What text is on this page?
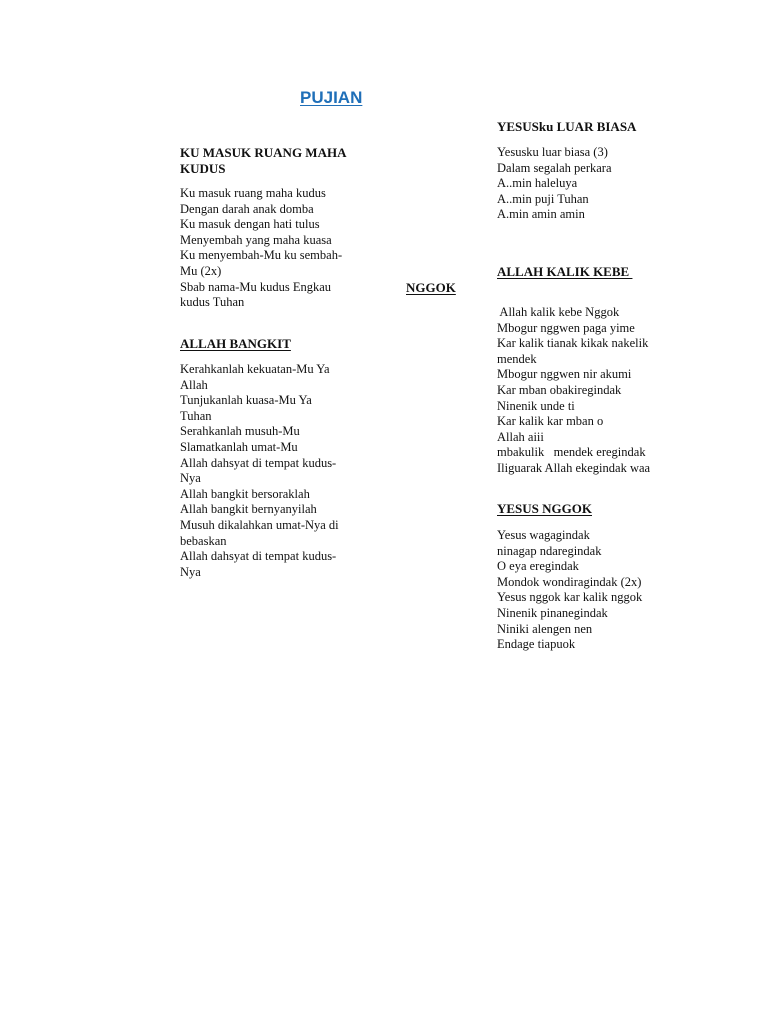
PUJIAN
KU MASUK RUANG MAHA
KUDUS
Ku masuk ruang maha kudus
Dengan darah anak domba
Ku masuk dengan hati tulus
Menyembah yang maha kuasa
Ku menyembah-Mu ku sembah-
Mu (2x)
Sbab nama-Mu kudus Engkau
kudus Tuhan
ALLAH BANGKIT
Kerahkanlah kekuatan-Mu Ya
Allah
Tunjukanlah kuasa-Mu Ya
Tuhan
Serahkanlah musuh-Mu
Slamatkanlah umat-Mu
Allah dahsyat di tempat kudus-
Nya
Allah bangkit bersoraklah
Allah bangkit bernyanyilah
Musuh dikalahkan umat-Nya di
bebaskan
Allah dahsyat di tempat kudus-
Nya
YESUSku LUAR BIASA
Yesusku luar biasa (3)
Dalam segalah perkara
A..min haleluya
A..min puji Tuhan
A.min amin amin
ALLAH KALIK KEBE
NGGOK
Allah kalik kebe Nggok
Mbogur nggwen paga yime
Kar kalik tianak kikak nakelik
mendek
Mbogur nggwen nir akumi
Kar mban obakiregindak
Ninenik unde ti
Kar kalik kar mban o
Allah aiii
mbakulik   mendek eregindak
Iliguarak Allah ekegindak waa
YESUS NGGOK
Yesus wagagindak
ninagap ndaregindak
O eya eregindak
Mondok wondiragindak (2x)
Yesus nggok kar kalik nggok
Ninenik pinanegindak
Niniki alengen nen
Endage tiapuok
